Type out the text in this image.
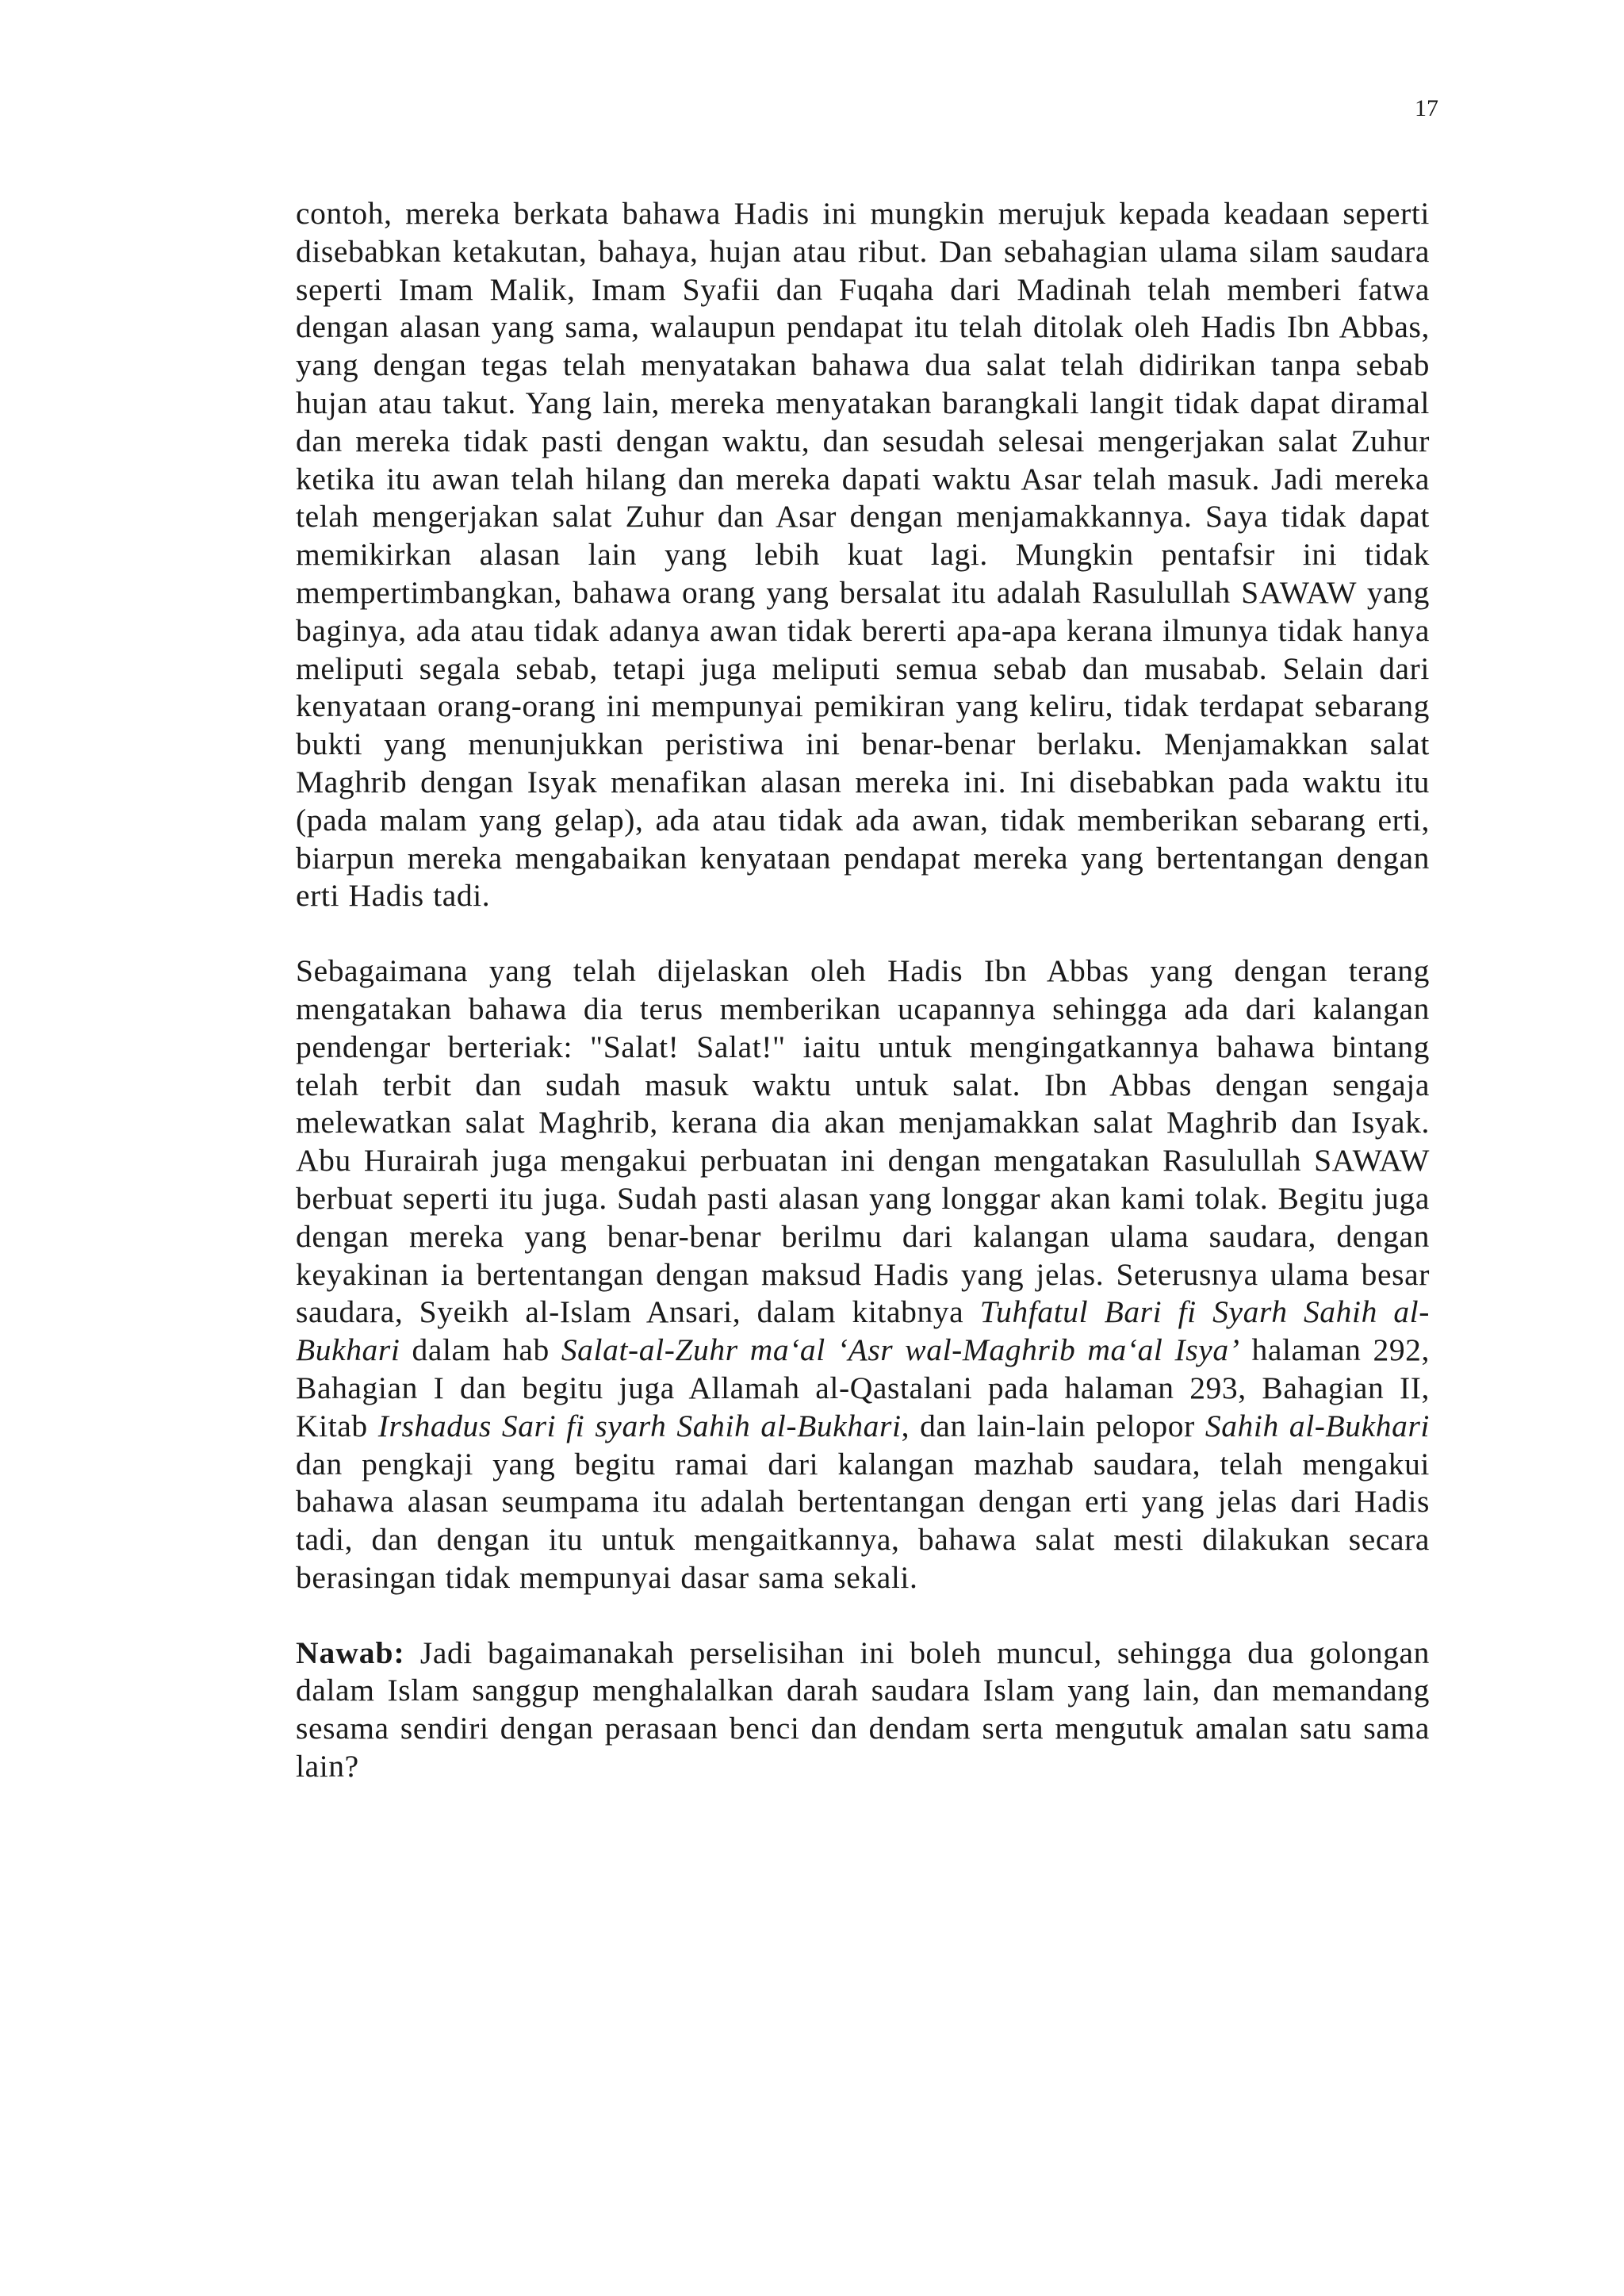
17

contoh, mereka berkata bahawa Hadis ini mungkin merujuk kepada keadaan seperti disebabkan ketakutan, bahaya, hujan atau ribut. Dan sebahagian ulama silam saudara seperti Imam Malik, Imam Syafii dan Fuqaha dari Madinah telah memberi fatwa dengan alasan yang sama, walaupun pendapat itu telah ditolak oleh Hadis Ibn Abbas, yang dengan tegas telah menyatakan bahawa dua salat telah didirikan tanpa sebab hujan atau takut. Yang lain, mereka menyatakan barangkali langit tidak dapat diramal dan mereka tidak pasti dengan waktu, dan sesudah selesai mengerjakan salat Zuhur ketika itu awan telah hilang dan mereka dapati waktu Asar telah masuk. Jadi mereka telah mengerjakan salat Zuhur dan Asar dengan menjamakkannya. Saya tidak dapat memikirkan alasan lain yang lebih kuat lagi. Mungkin pentafsir ini tidak mempertimbangkan, bahawa orang yang bersalat itu adalah Rasulullah SAWAW yang baginya, ada atau tidak adanya awan tidak bererti apa-apa kerana ilmunya tidak hanya meliputi segala sebab, tetapi juga meliputi semua sebab dan musabab. Selain dari kenyataan orang-orang ini mempunyai pemikiran yang keliru, tidak terdapat sebarang bukti yang menunjukkan peristiwa ini benar-benar berlaku. Menjamakkan salat Maghrib dengan Isyak menafikan alasan mereka ini. Ini disebabkan pada waktu itu (pada malam yang gelap), ada atau tidak ada awan, tidak memberikan sebarang erti, biarpun mereka mengabaikan kenyataan pendapat mereka yang bertentangan dengan erti Hadis tadi.

Sebagaimana yang telah dijelaskan oleh Hadis Ibn Abbas yang dengan terang mengatakan bahawa dia terus memberikan ucapannya sehingga ada dari kalangan pendengar berteriak: "Salat! Salat!" iaitu untuk mengingatkannya bahawa bintang telah terbit dan sudah masuk waktu untuk salat. Ibn Abbas dengan sengaja melewatkan salat Maghrib, kerana dia akan menjamakkan salat Maghrib dan Isyak. Abu Hurairah juga mengakui perbuatan ini dengan mengatakan Rasulullah SAWAW berbuat seperti itu juga. Sudah pasti alasan yang longgar akan kami tolak. Begitu juga dengan mereka yang benar-benar berilmu dari kalangan ulama saudara, dengan keyakinan ia bertentangan dengan maksud Hadis yang jelas. Seterusnya ulama besar saudara, Syeikh al-Islam Ansari, dalam kitabnya Tuhfatul Bari fi Syarh Sahih al-Bukhari dalam hab Salat-al-Zuhr ma‘al ‘Asr wal-Maghrib ma‘al Isya’ halaman 292, Bahagian I dan begitu juga Allamah al-Qastalani pada halaman 293, Bahagian II, Kitab Irshadus Sari fi syarh Sahih al-Bukhari, dan lain-lain pelopor Sahih al-Bukhari dan pengkaji yang begitu ramai dari kalangan mazhab saudara, telah mengakui bahawa alasan seumpama itu adalah bertentangan dengan erti yang jelas dari Hadis tadi, dan dengan itu untuk mengaitkannya, bahawa salat mesti dilakukan secara berasingan tidak mempunyai dasar sama sekali.

Nawab: Jadi bagaimanakah perselisihan ini boleh muncul, sehingga dua golongan dalam Islam sanggup menghalalkan darah saudara Islam yang lain, dan memandang sesama sendiri dengan perasaan benci dan dendam serta mengutuk amalan satu sama lain?
